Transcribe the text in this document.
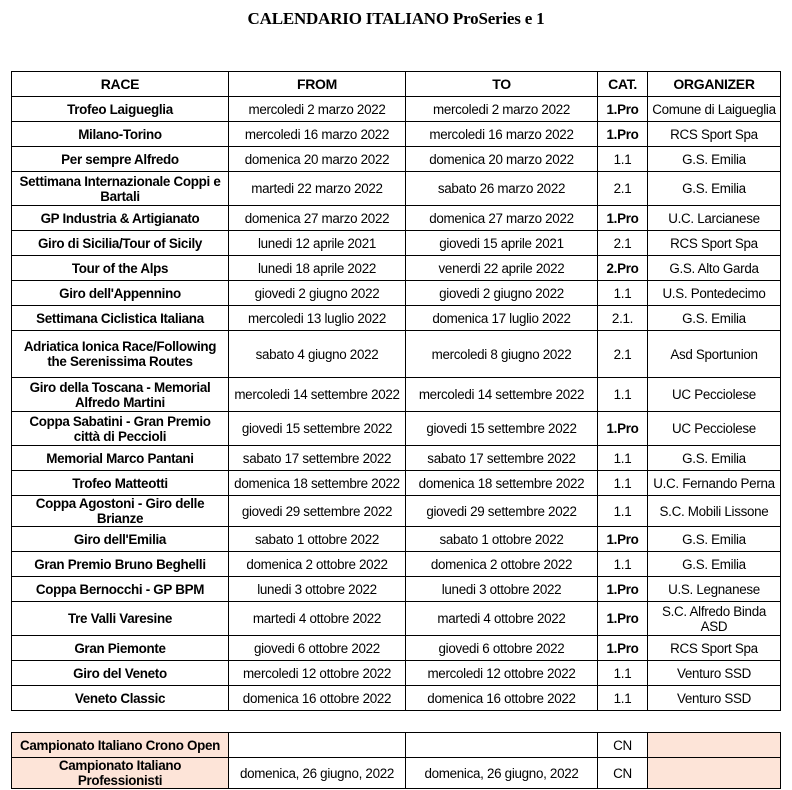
CALENDARIO ITALIANO ProSeries e 1
RACE	FROM	TO	CAT.	ORGANIZER
Trofeo Laigueglia	mercoledi 2 marzo 2022	mercoledi 2 marzo 2022	1.Pro	Comune di Laigueglia
Milano-Torino	mercoledi 16 marzo 2022	mercoledi 16 marzo 2022	1.Pro	RCS Sport Spa
Per sempre Alfredo	domenica 20 marzo 2022	domenica 20 marzo 2022	1.1	G.S. Emilia
Settimana Internazionale Coppi e Bartali	martedi 22 marzo 2022	sabato 26 marzo 2022	2.1	G.S. Emilia
GP Industria & Artigianato	domenica 27 marzo 2022	domenica 27 marzo 2022	1.Pro	U.C. Larcianese
Giro di Sicilia/Tour of Sicily	lunedi 12 aprile 2021	giovedi 15 aprile 2021	2.1	RCS Sport Spa
Tour of the Alps	lunedi 18 aprile 2022	venerdi 22 aprile 2022	2.Pro	G.S. Alto Garda
Giro dell'Appennino	giovedi 2 giugno 2022	giovedi 2 giugno 2022	1.1	U.S. Pontedecimo
Settimana Ciclistica Italiana	mercoledi 13 luglio 2022	domenica 17 luglio 2022	2.1.	G.S. Emilia
Adriatica Ionica Race/Following the Serenissima Routes	sabato 4 giugno 2022	mercoledi 8 giugno 2022	2.1	Asd Sportunion
Giro della Toscana - Memorial Alfredo Martini	mercoledi 14 settembre 2022	mercoledi 14 settembre 2022	1.1	UC Pecciolese
Coppa Sabatini - Gran Premio città di Peccioli	giovedi 15 settembre 2022	giovedi 15 settembre 2022	1.Pro	UC Pecciolese
Memorial Marco Pantani	sabato 17 settembre 2022	sabato 17 settembre 2022	1.1	G.S. Emilia
Trofeo Matteotti	domenica 18 settembre 2022	domenica 18 settembre 2022	1.1	U.C. Fernando Perna
Coppa Agostoni - Giro delle Brianze	giovedi 29 settembre 2022	giovedi 29 settembre 2022	1.1	S.C. Mobili Lissone
Giro dell'Emilia	sabato 1 ottobre 2022	sabato 1 ottobre 2022	1.Pro	G.S. Emilia
Gran Premio Bruno Beghelli	domenica 2 ottobre 2022	domenica 2 ottobre 2022	1.1	G.S. Emilia
Coppa Bernocchi - GP BPM	lunedi 3 ottobre 2022	lunedi 3 ottobre 2022	1.Pro	U.S. Legnanese
Tre Valli Varesine	martedi 4 ottobre 2022	martedi 4 ottobre 2022	1.Pro	S.C. Alfredo Binda ASD
Gran Piemonte	giovedi 6 ottobre 2022	giovedi 6 ottobre 2022	1.Pro	RCS Sport Spa
Giro del Veneto	mercoledi 12 ottobre 2022	mercoledi 12 ottobre 2022	1.1	Venturo SSD
Veneto Classic	domenica 16 ottobre 2022	domenica 16 ottobre 2022	1.1	Venturo SSD
Campionato Italiano Crono Open			CN	
Campionato Italiano Professionisti	domenica, 26 giugno, 2022	domenica, 26 giugno, 2022	CN	
